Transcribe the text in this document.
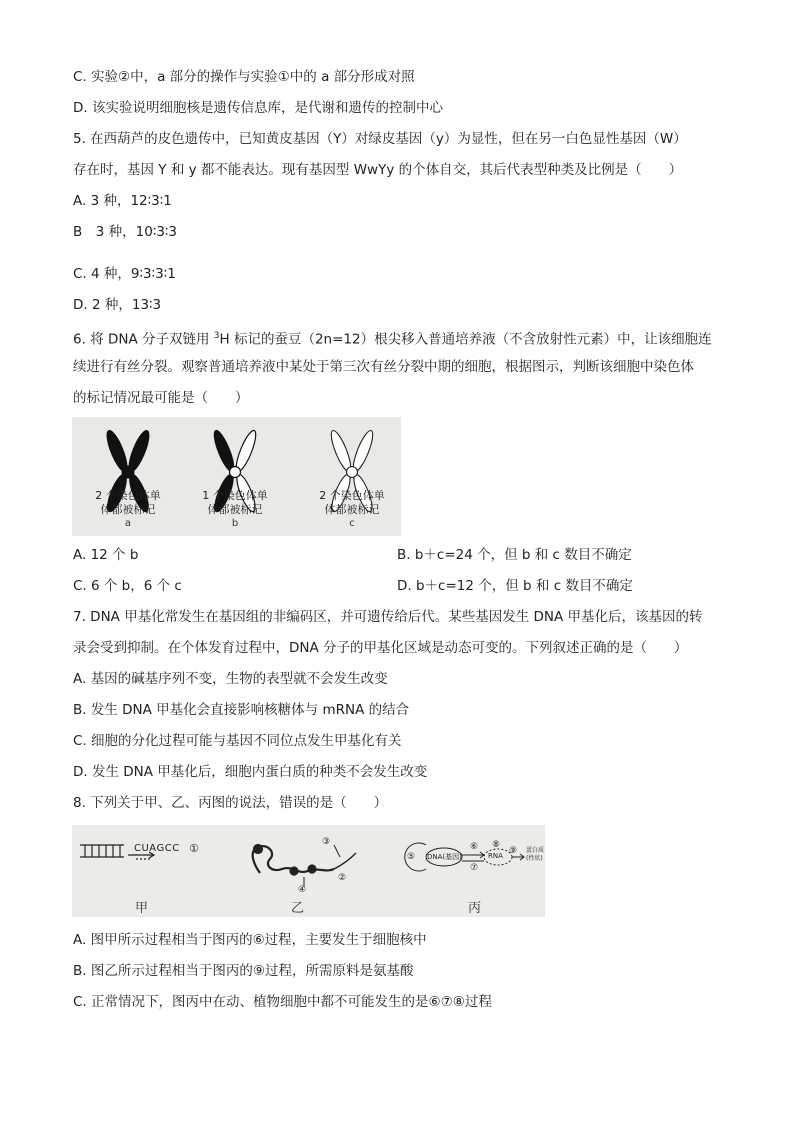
C. 实验②中，a 部分的操作与实验①中的 a 部分形成对照
D. 该实验说明细胞核是遗传信息库，是代谢和遗传的控制中心
5. 在西葫芦的皮色遗传中，已知黄皮基因（Y）对绿皮基因（y）为显性，但在另一白色显性基因（W）
存在时，基因 Y 和 y 都不能表达。现有基因型 WwYy 的个体自交，其后代表型种类及比例是（　　）
A. 3 种，12∶3∶1
B　3 种，10∶3∶3
C. 4 种，9∶3∶3∶1
D. 2 种，13∶3
6. 将 DNA 分子双链用 $^3$H 标记的蚕豆（2n=12）根尖移入普通培养液（不含放射性元素）中，让该细胞连
续进行有丝分裂。观察普通培养液中某处于第三次有丝分裂中期的细胞，根据图示，判断该细胞中染色体
的标记情况最可能是（　　）
2 个染色体单
体都被标记
a
1 个染色体单
体都被标记
b
2 个染色体单
体都被标记
c
A. 12 个 b	B. b＋c=24 个，但 b 和 c 数目不确定
C. 6 个 b，6 个 c	D. b＋c=12 个，但 b 和 c 数目不确定
7. DNA 甲基化常发生在基因组的非编码区，并可遗传给后代。某些基因发生 DNA 甲基化后，该基因的转
录会受到抑制。在个体发育过程中，DNA 分子的甲基化区域是动态可变的。下列叙述正确的是（　　）
A. 基因的碱基序列不变，生物的表型就不会发生改变
B. 发生 DNA 甲基化会直接影响核糖体与 mRNA 的结合
C. 细胞的分化过程可能与基因不同位点发生甲基化有关
D. 发生 DNA 甲基化后，细胞内蛋白质的种类不会发生改变
8. 下列关于甲、乙、丙图的说法，错误的是（　　）
CUAGCC ①
②
③
④
⑤
⑥
⑦
⑧
⑨
DNA(基因)	RNA
蛋白质(性状)
甲	乙	丙
A. 图甲所示过程相当于图丙的⑥过程，主要发生于细胞核中
B. 图乙所示过程相当于图丙的⑨过程，所需原料是氨基酸
C. 正常情况下，图丙中在动、植物细胞中都不可能发生的是⑥⑦⑧过程
